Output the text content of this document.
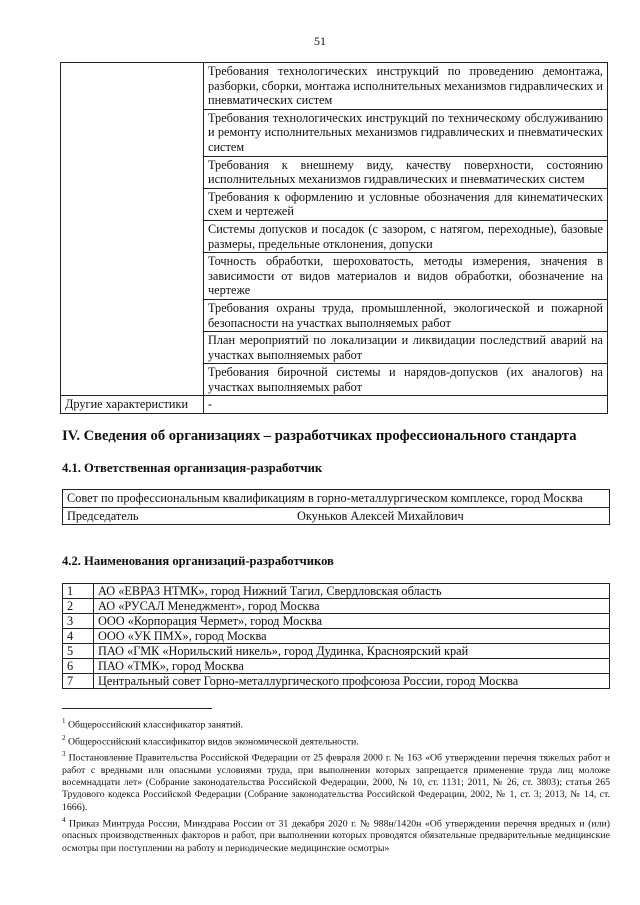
51
	Требования технологических инструкций по проведению демонтажа, разборки, сборки, монтажа исполнительных механизмов гидравлических и пневматических систем
	Требования технологических инструкций по техническому обслуживанию и ремонту исполнительных механизмов гидравлических и пневматических систем
	Требования к внешнему виду, качеству поверхности, состоянию исполнительных механизмов гидравлических и пневматических систем
	Требования к оформлению и условные обозначения для кинематических схем и чертежей
	Системы допусков и посадок (с зазором, с натягом, переходные), базовые размеры, предельные отклонения, допуски
	Точность обработки, шероховатость, методы измерения, значения в зависимости от видов материалов и видов обработки, обозначение на чертеже
	Требования охраны труда, промышленной, экологической и пожарной безопасности на участках выполняемых работ
	План мероприятий по локализации и ликвидации последствий аварий на участках выполняемых работ
	Требования бирочной системы и нарядов-допусков (их аналогов) на участках выполняемых работ
Другие характеристики	-
IV. Сведения об организациях – разработчиках профессионального стандарта
4.1. Ответственная организация-разработчик
Совет по профессиональным квалификациям в горно-металлургическом комплексе, город Москва

Председатель	Окуньков Алексей Михайлович
4.2. Наименования организаций-разработчиков
1	АО «ЕВРАЗ НТМК», город Нижний Тагил, Свердловская область
2	АО «РУСАЛ Менеджмент», город Москва
3	ООО «Корпорация Чермет», город Москва
4	ООО «УК ПМХ», город Москва
5	ПАО «ГМК «Норильский никель», город Дудинка, Красноярский край
6	ПАО «ТМК», город Москва
7	Центральный совет Горно-металлургического профсоюза России, город Москва
$^1$ Общероссийский классификатор занятий.
$^2$ Общероссийский классификатор видов экономической деятельности.
$^3$ Постановление Правительства Российской Федерации от 25 февраля 2000 г. № 163 «Об утверждении перечня тяжелых работ и работ с вредными или опасными условиями труда, при выполнении которых запрещается применение труда лиц моложе восемнадцати лет» (Собрание законодательства Российской Федерации, 2000, № 10, ст. 1131; 2011, № 26, ст. 3803); статья 265 Трудового кодекса Российской Федерации (Собрание законодательства Российской Федерации, 2002, № 1, ст. 3; 2013, № 14, ст. 1666).
$^4$ Приказ Минтруда России, Минздрава России от 31 декабря 2020 г. № 988н/1420н «Об утверждении перечня вредных и (или) опасных производственных факторов и работ, при выполнении которых проводятся обязательные предварительные медицинские осмотры при поступлении на работу и периодические медицинские осмотры»
